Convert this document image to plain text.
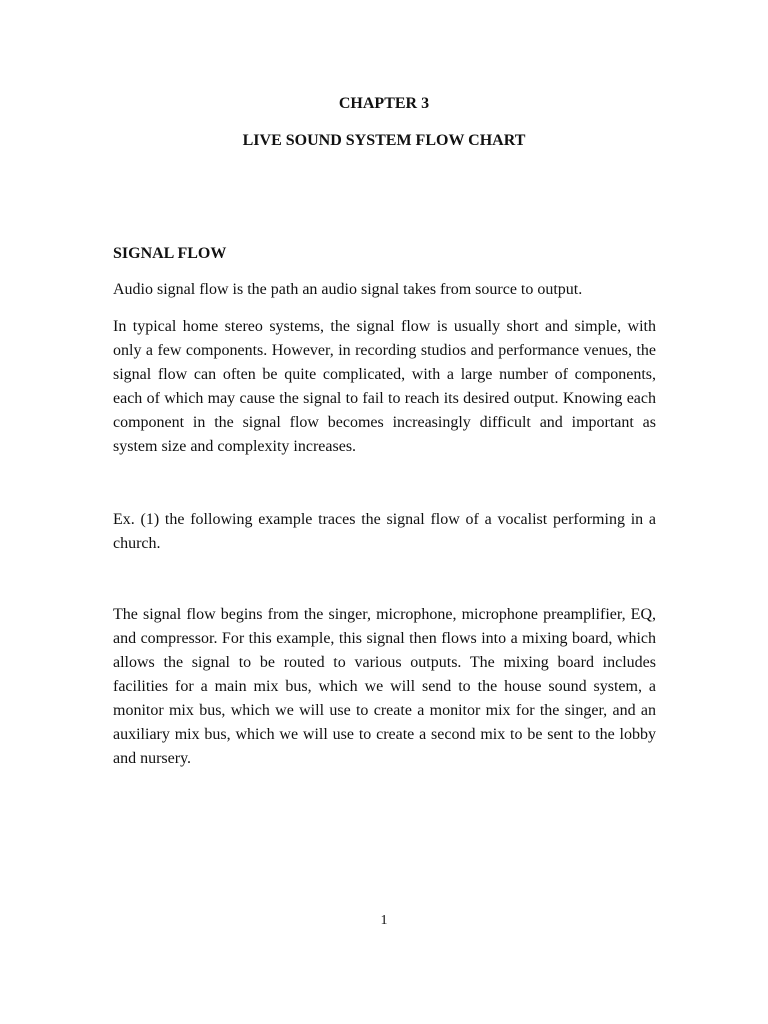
CHAPTER 3
LIVE SOUND SYSTEM FLOW CHART
SIGNAL FLOW

Audio signal flow is the path an audio signal takes from source to output.

In typical home stereo systems, the signal flow is usually short and simple, with only a few components. However, in recording studios and performance venues, the signal flow can often be quite complicated, with a large number of components, each of which may cause the signal to fail to reach its desired output. Knowing each component in the signal flow becomes increasingly difficult and important as system size and complexity increases.

Ex. (1) the following example traces the signal flow of a vocalist performing in a church.

The signal flow begins from the singer, microphone, microphone preamplifier, EQ, and compressor. For this example, this signal then flows into a mixing board, which allows the signal to be routed to various outputs. The mixing board includes facilities for a main mix bus, which we will send to the house sound system, a monitor mix bus, which we will use to create a monitor mix for the singer, and an auxiliary mix bus, which we will use to create a second mix to be sent to the lobby and nursery.

1
